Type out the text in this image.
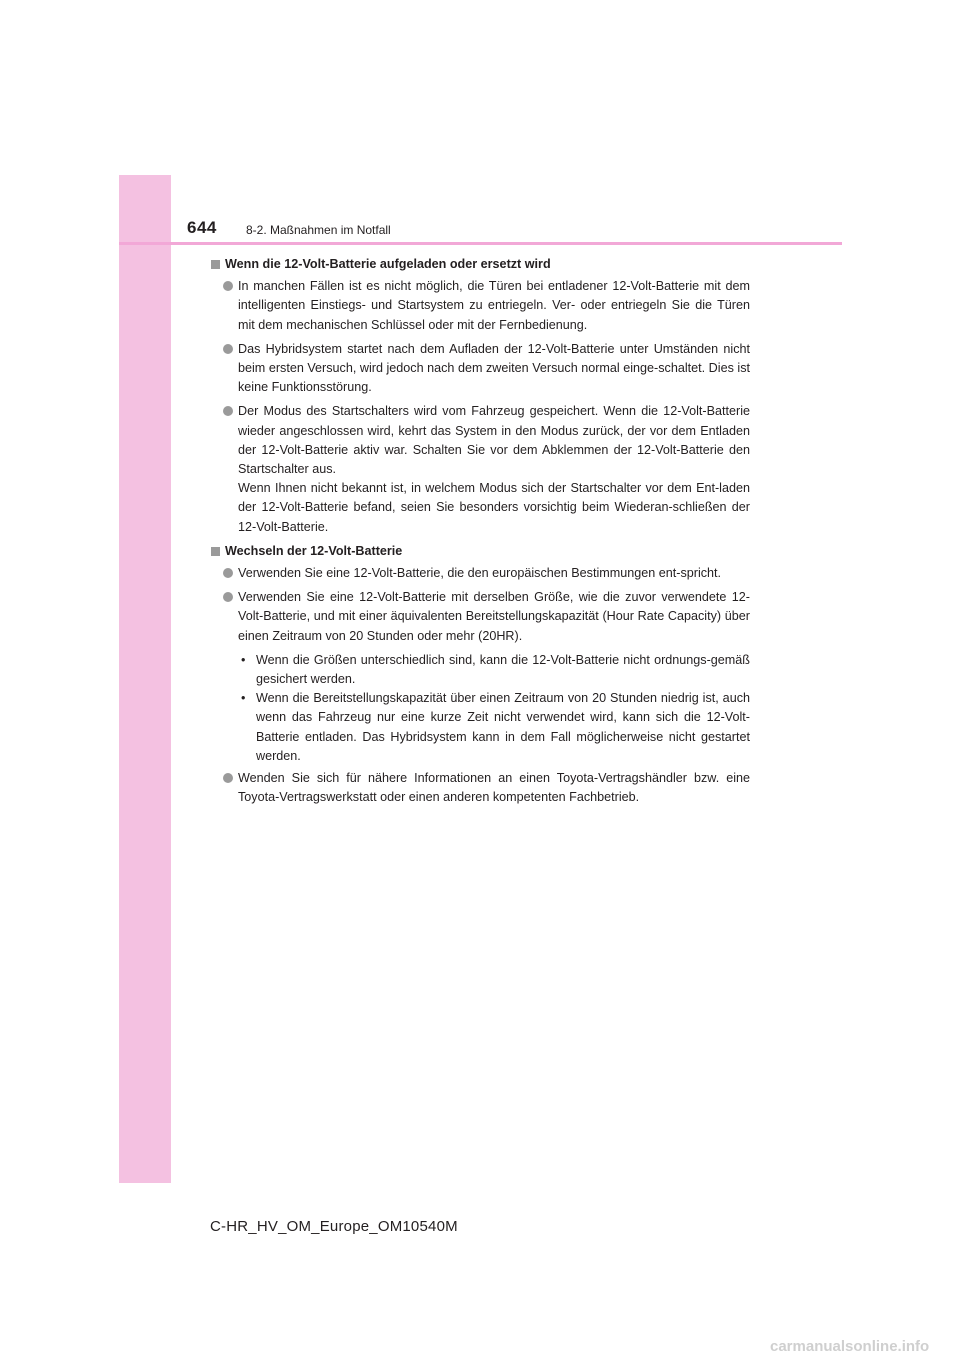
644 8-2. Maßnahmen im Notfall
Wenn die 12-Volt-Batterie aufgeladen oder ersetzt wird
In manchen Fällen ist es nicht möglich, die Türen bei entladener 12-Volt-Batterie mit dem intelligenten Einstiegs- und Startsystem zu entriegeln. Ver- oder entriegeln Sie die Türen mit dem mechanischen Schlüssel oder mit der Fernbedienung.
Das Hybridsystem startet nach dem Aufladen der 12-Volt-Batterie unter Umständen nicht beim ersten Versuch, wird jedoch nach dem zweiten Versuch normal einge-schaltet. Dies ist keine Funktionsstörung.
Der Modus des Startschalters wird vom Fahrzeug gespeichert. Wenn die 12-Volt-Batterie wieder angeschlossen wird, kehrt das System in den Modus zurück, der vor dem Entladen der 12-Volt-Batterie aktiv war. Schalten Sie vor dem Abklemmen der 12-Volt-Batterie den Startschalter aus.
Wenn Ihnen nicht bekannt ist, in welchem Modus sich der Startschalter vor dem Ent-laden der 12-Volt-Batterie befand, seien Sie besonders vorsichtig beim Wiederan-schließen der 12-Volt-Batterie.
Wechseln der 12-Volt-Batterie
Verwenden Sie eine 12-Volt-Batterie, die den europäischen Bestimmungen ent-spricht.
Verwenden Sie eine 12-Volt-Batterie mit derselben Größe, wie die zuvor verwendete 12-Volt-Batterie, und mit einer äquivalenten Bereitstellungskapazität (Hour Rate Capacity) über einen Zeitraum von 20 Stunden oder mehr (20HR).
• Wenn die Größen unterschiedlich sind, kann die 12-Volt-Batterie nicht ordnungs-gemäß gesichert werden.
• Wenn die Bereitstellungskapazität über einen Zeitraum von 20 Stunden niedrig ist, auch wenn das Fahrzeug nur eine kurze Zeit nicht verwendet wird, kann sich die 12-Volt-Batterie entladen. Das Hybridsystem kann in dem Fall möglicherweise nicht gestartet werden.
Wenden Sie sich für nähere Informationen an einen Toyota-Vertragshändler bzw. eine Toyota-Vertragswerkstatt oder einen anderen kompetenten Fachbetrieb.
C-HR_HV_OM_Europe_OM10540M
carmanualsonline.info
